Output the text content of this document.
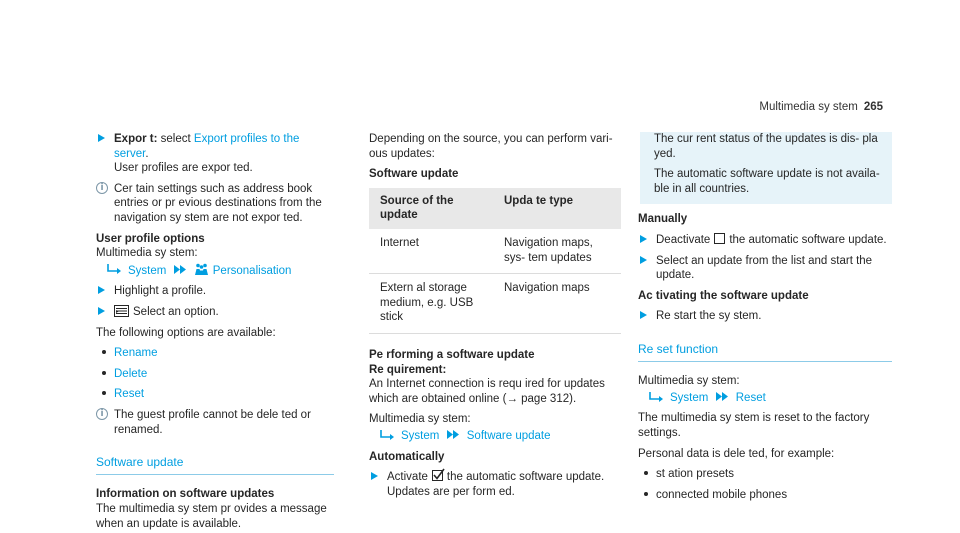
Multimedia sy stem 265
Expor t: select Export profiles to the server.
User profiles are expor ted.
i Cer tain settings such as address book entries or pr evious destinations from the navigation sy stem are not expor ted.
User profile options
Multimedia sy stem:
System	Personalisation
Highlight a profile.
Select an option.
The following options are available:
Rename
Delete
Reset
i The guest profile cannot be dele ted or renamed.
Software update
Information on software updates
The multimedia sy stem pr ovides a message when an update is available.
Depending on the source, you can perform vari‐ ous updates:
Software update
Source of the update	Upda te type
Internet	Navigation maps, sys‐ tem updates
Extern al storage medium, e.g. USB stick	Navigation maps
Pe rforming a software update
Re quirement:
An Internet connection is requ ired for updates which are obtained online (→ page 312).
Multimedia sy stem:
System Software update
Automatically
Activate the automatic software update. Updates are per form ed.

The cur rent status of the updates is dis‐ pla yed.

The automatic software update is not availa‐ ble in all countries.

Manually
Deactivate the automatic software update.
Select an update from the list and start the update.
Ac tivating the software update
Re start the sy stem.
Re set function
Multimedia sy stem:
System Reset
The multimedia sy stem is reset to the factory settings.
Personal data is dele ted, for example:
st ation presets
connected mobile phones
